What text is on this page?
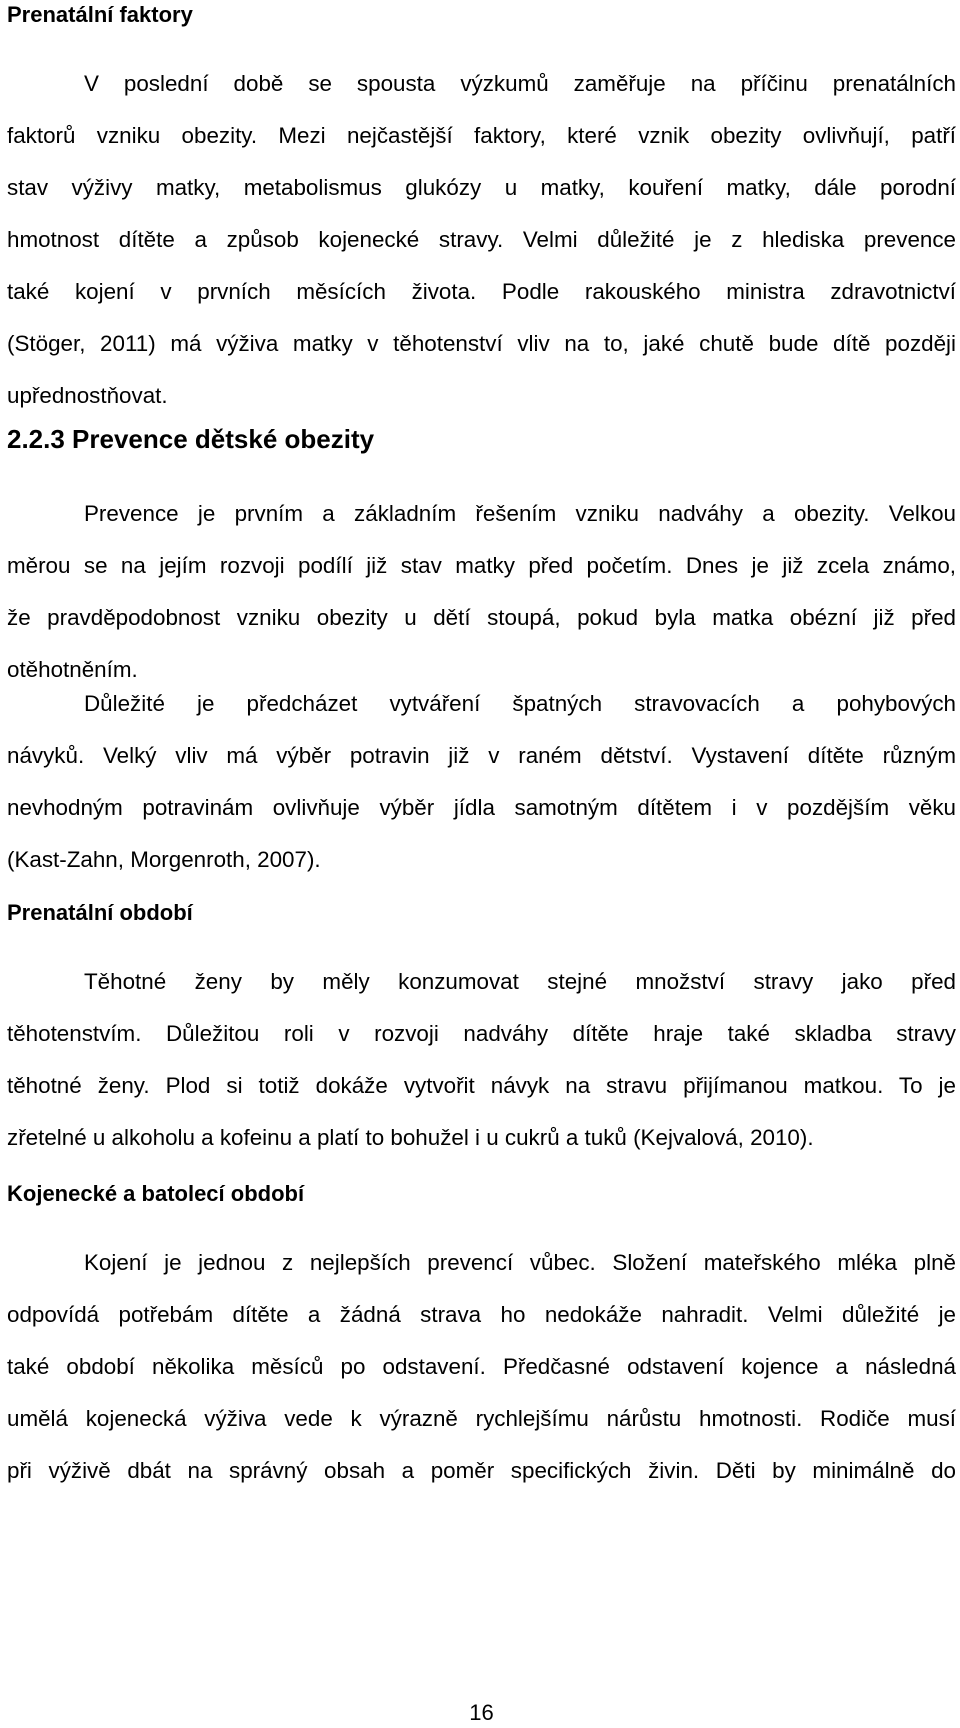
Prenatální faktory
V poslední době se spousta výzkumů zaměřuje na příčinu prenatálních
faktorů vzniku obezity. Mezi nejčastější faktory, které vznik obezity ovlivňují, patří
stav výživy matky, metabolismus glukózy u matky, kouření matky, dále porodní
hmotnost dítěte a způsob kojenecké stravy. Velmi důležité je z hlediska prevence
také kojení v prvních měsících života. Podle rakouského ministra zdravotnictví
(Stöger, 2011) má výživa matky v těhotenství vliv na to, jaké chutě bude dítě později
upřednostňovat.
2.2.3 Prevence dětské obezity
Prevence je prvním a základním řešením vzniku nadváhy a obezity. Velkou
měrou se na jejím rozvoji podílí již stav matky před početím. Dnes je již zcela známo,
že pravděpodobnost vzniku obezity u dětí stoupá, pokud byla matka obézní již před
otěhotněním.
Důležité je předcházet vytváření špatných stravovacích a pohybových
návyků. Velký vliv má výběr potravin již v raném dětství. Vystavení dítěte různým
nevhodným potravinám ovlivňuje výběr jídla samotným dítětem i v pozdějším věku
(Kast-Zahn, Morgenroth, 2007).
Prenatální období
Těhotné ženy by měly konzumovat stejné množství stravy jako před
těhotenstvím. Důležitou roli v rozvoji nadváhy dítěte hraje také skladba stravy
těhotné ženy. Plod si totiž dokáže vytvořit návyk na stravu přijímanou matkou. To je
zřetelné u alkoholu a kofeinu a platí to bohužel i u cukrů a tuků (Kejvalová, 2010).
Kojenecké a batolecí období
Kojení je jednou z nejlepších prevencí vůbec. Složení mateřského mléka plně
odpovídá potřebám dítěte a žádná strava ho nedokáže nahradit. Velmi důležité je
také období několika měsíců po odstavení. Předčasné odstavení kojence a následná
umělá kojenecká výživa vede k výrazně rychlejšímu nárůstu hmotnosti. Rodiče musí
při výživě dbát na správný obsah a poměr specifických živin. Děti by minimálně do
16
